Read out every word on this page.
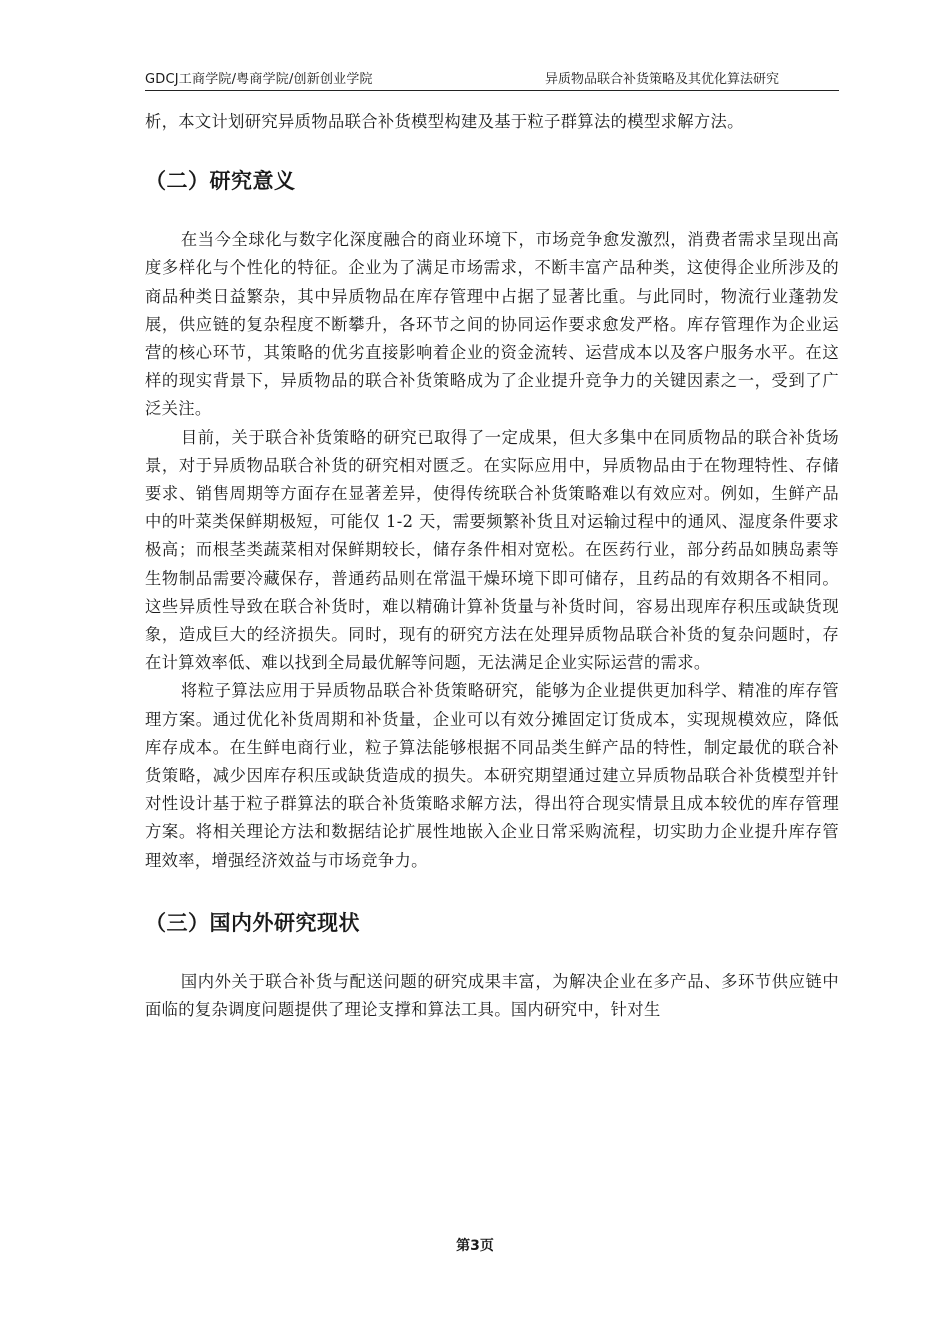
GDCJ工商学院/粤商学院/创新创业学院	异质物品联合补货策略及其优化算法研究

析，本文计划研究异质物品联合补货模型构建及基于粒子群算法的模型求解方法。

（二）研究意义

在当今全球化与数字化深度融合的商业环境下，市场竞争愈发激烈，消费者需求呈现出高度多样化与个性化的特征。企业为了满足市场需求，不断丰富产品种类，这使得企业所涉及的商品种类日益繁杂，其中异质物品在库存管理中占据了显著比重。与此同时，物流行业蓬勃发展，供应链的复杂程度不断攀升，各环节之间的协同运作要求愈发严格。库存管理作为企业运营的核心环节，其策略的优劣直接影响着企业的资金流转、运营成本以及客户服务水平。在这样的现实背景下，异质物品的联合补货策略成为了企业提升竞争力的关键因素之一，受到了广泛关注。

目前，关于联合补货策略的研究已取得了一定成果，但大多集中在同质物品的联合补货场景，对于异质物品联合补货的研究相对匮乏。在实际应用中，异质物品由于在物理特性、存储要求、销售周期等方面存在显著差异，使得传统联合补货策略难以有效应对。例如，生鲜产品中的叶菜类保鲜期极短，可能仅 1-2 天，需要频繁补货且对运输过程中的通风、湿度条件要求极高；而根茎类蔬菜相对保鲜期较长，储存条件相对宽松。在医药行业，部分药品如胰岛素等生物制品需要冷藏保存，普通药品则在常温干燥环境下即可储存，且药品的有效期各不相同。这些异质性导致在联合补货时，难以精确计算补货量与补货时间，容易出现库存积压或缺货现象，造成巨大的经济损失。同时，现有的研究方法在处理异质物品联合补货的复杂问题时，存在计算效率低、难以找到全局最优解等问题，无法满足企业实际运营的需求。

将粒子算法应用于异质物品联合补货策略研究，能够为企业提供更加科学、精准的库存管理方案。通过优化补货周期和补货量，企业可以有效分摊固定订货成本，实现规模效应，降低库存成本。在生鲜电商行业，粒子算法能够根据不同品类生鲜产品的特性，制定最优的联合补货策略，减少因库存积压或缺货造成的损失。本研究期望通过建立异质物品联合补货模型并针对性设计基于粒子群算法的联合补货策略求解方法，得出符合现实情景且成本较优的库存管理方案。将相关理论方法和数据结论扩展性地嵌入企业日常采购流程，切实助力企业提升库存管理效率，增强经济效益与市场竞争力。

（三）国内外研究现状

国内外关于联合补货与配送问题的研究成果丰富，为解决企业在多产品、多环节供应链中面临的复杂调度问题提供了理论支撑和算法工具。国内研究中，针对生

第3页
